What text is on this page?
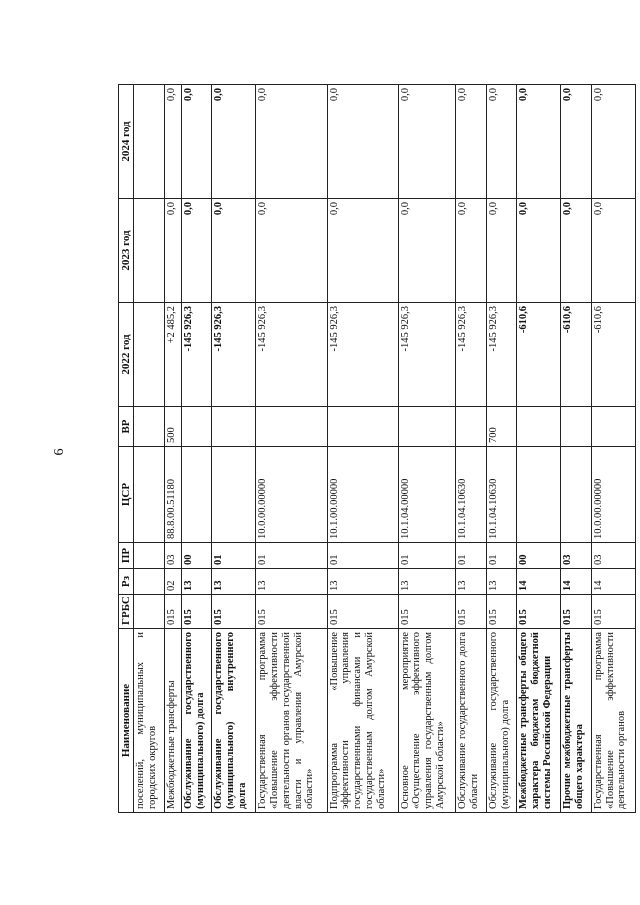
6
Наименование	ГРБС	Рз	ПР	ЦСР	ВР	2022 год	2023 год	2024 год
поселений, муниципальных и городских округов								
Межбюджетные трансферты	015	02	03	88.8.00.51180	500	+2 485,2	0,0	0,0
Обслуживание государственного (муниципального) долга	015	13	00			-145 926,3	0,0	0,0
Обслуживание государственного (муниципального) внутреннего долга	015	13	01			-145 926,3	0,0	0,0
Государственная программа «Повышение эффективности деятельности органов государственной власти и управления Амурской области»	015	13	01	10.0.00.00000		-145 926,3	0,0	0,0
Подпрограмма «Повышение эффективности управления государственными финансами и государственным долгом Амурской области»	015	13	01	10.1.00.00000		-145 926,3	0,0	0,0
Основное мероприятие «Осуществление эффективного управления государственным долгом Амурской области»	015	13	01	10.1.04.00000		-145 926,3	0,0	0,0
Обслуживание государственного долга области	015	13	01	10.1.04.10630		-145 926,3	0,0	0,0
Обслуживание государственного (муниципального) долга	015	13	01	10.1.04.10630	700	-145 926,3	0,0	0,0
Межбюджетные трансферты общего характера бюджетам бюджетной системы Российской Федерации	015	14	00			-610,6	0,0	0,0
Прочие межбюджетные трансферты общего характера	015	14	03			-610,6	0,0	0,0
Государственная программа «Повышение эффективности деятельности органов	015	14	03	10.0.00.00000		-610,6	0,0	0,0
